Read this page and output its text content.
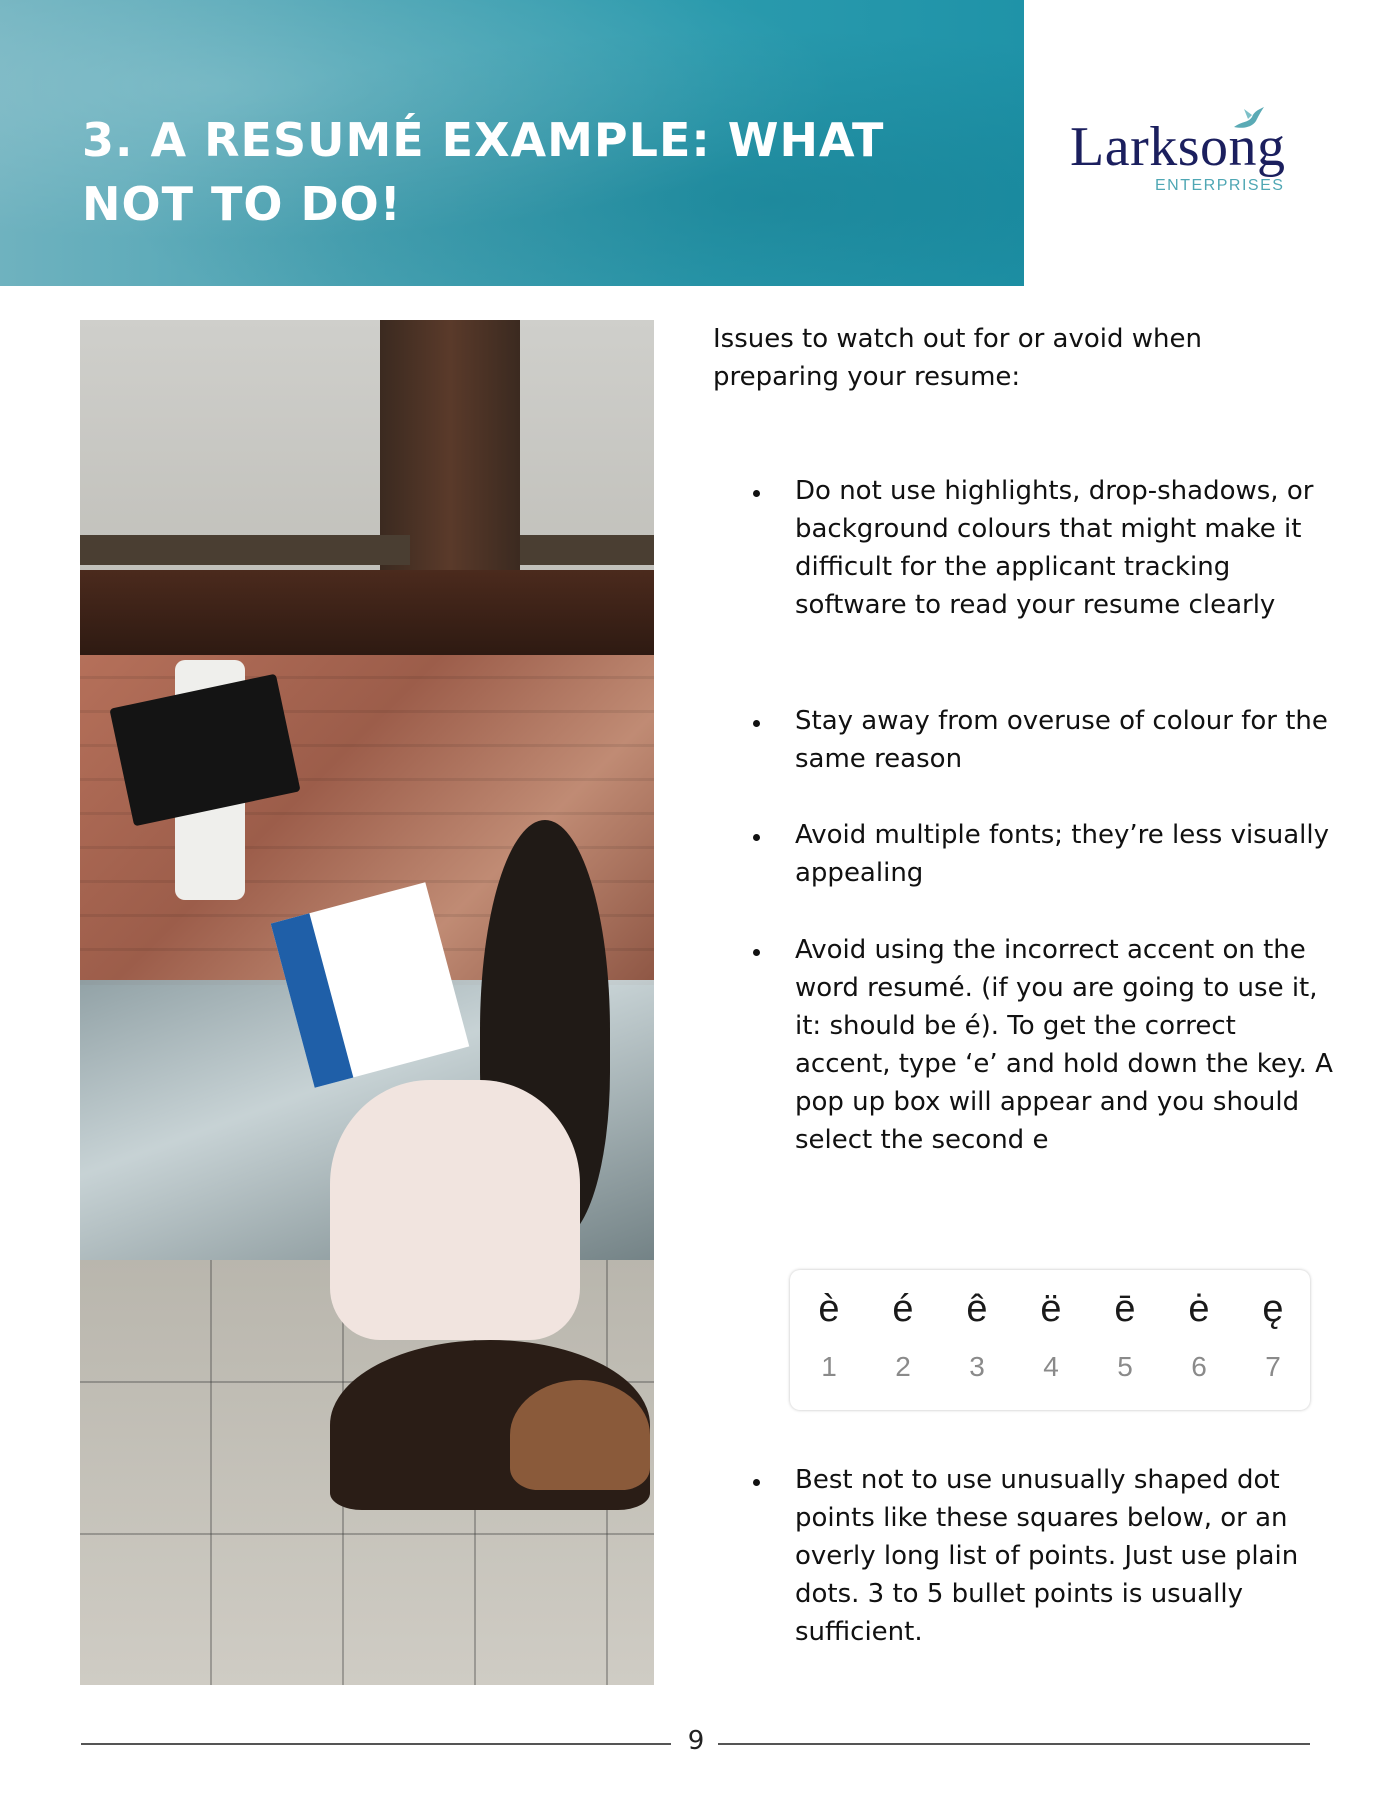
3. A RESUMÉ EXAMPLE: WHAT NOT TO DO!
Larksong
ENTERPRISES

Issues to watch out for or avoid when preparing your resume:

Do not use highlights, drop-shadows, or background colours that might make it difficult for the applicant tracking software to read your resume clearly
Stay away from overuse of colour for the same reason
Avoid multiple fonts; they’re less visually appealing
Avoid using the incorrect accent on the word resumé. (if you are going to use it, it: should be é). To get the correct accent, type ‘e’ and hold down the key. A pop up box will appear and you should select the second e
Best not to use unusually shaped dot points like these squares below, or an overly long list of points. Just use plain dots. 3 to 5 bullet points is usually sufficient.
è
1
é
2
ê
3
ë
4
ē
5
ė
6
ę
7
9
